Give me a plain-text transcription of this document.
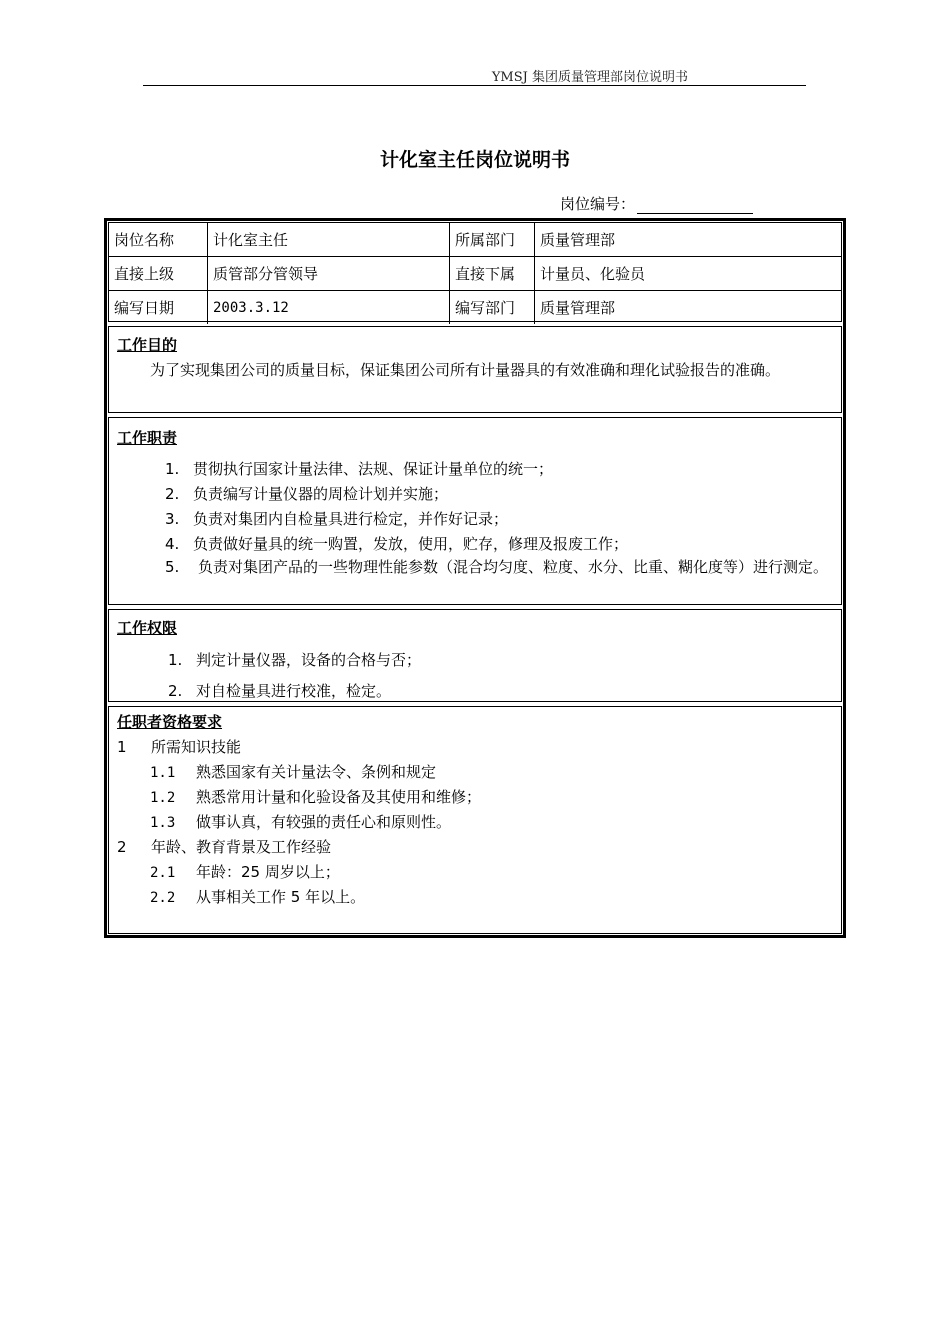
YMSJ 集团质量管理部岗位说明书
计化室主任岗位说明书
岗位编号：
岗位名称	计化室主任	所属部门	质量管理部
直接上级	质管部分管领导	直接下属	计量员、化验员
编写日期	2003.3.12	编写部门	质量管理部
工作目的
为了实现集团公司的质量目标，保证集团公司所有计量器具的有效准确和理化试验报告的准确。
工作职责
1. 贯彻执行国家计量法律、法规、保证计量单位的统一；
2. 负责编写计量仪器的周检计划并实施；
3. 负责对集团内自检量具进行检定，并作好记录；
4. 负责做好量具的统一购置，发放，使用，贮存，修理及报废工作；
5. 负责对集团产品的一些物理性能参数（混合均匀度、粒度、水分、比重、糊化度等）进行测定。
工作权限
1. 判定计量仪器，设备的合格与否；
2. 对自检量具进行校准，检定。
任职者资格要求
1 所需知识技能
1.1 熟悉国家有关计量法令、条例和规定
1.2 熟悉常用计量和化验设备及其使用和维修；
1.3 做事认真，有较强的责任心和原则性。
2 年龄、教育背景及工作经验
2.1 年龄：25 周岁以上；
2.2 从事相关工作 5 年以上。
